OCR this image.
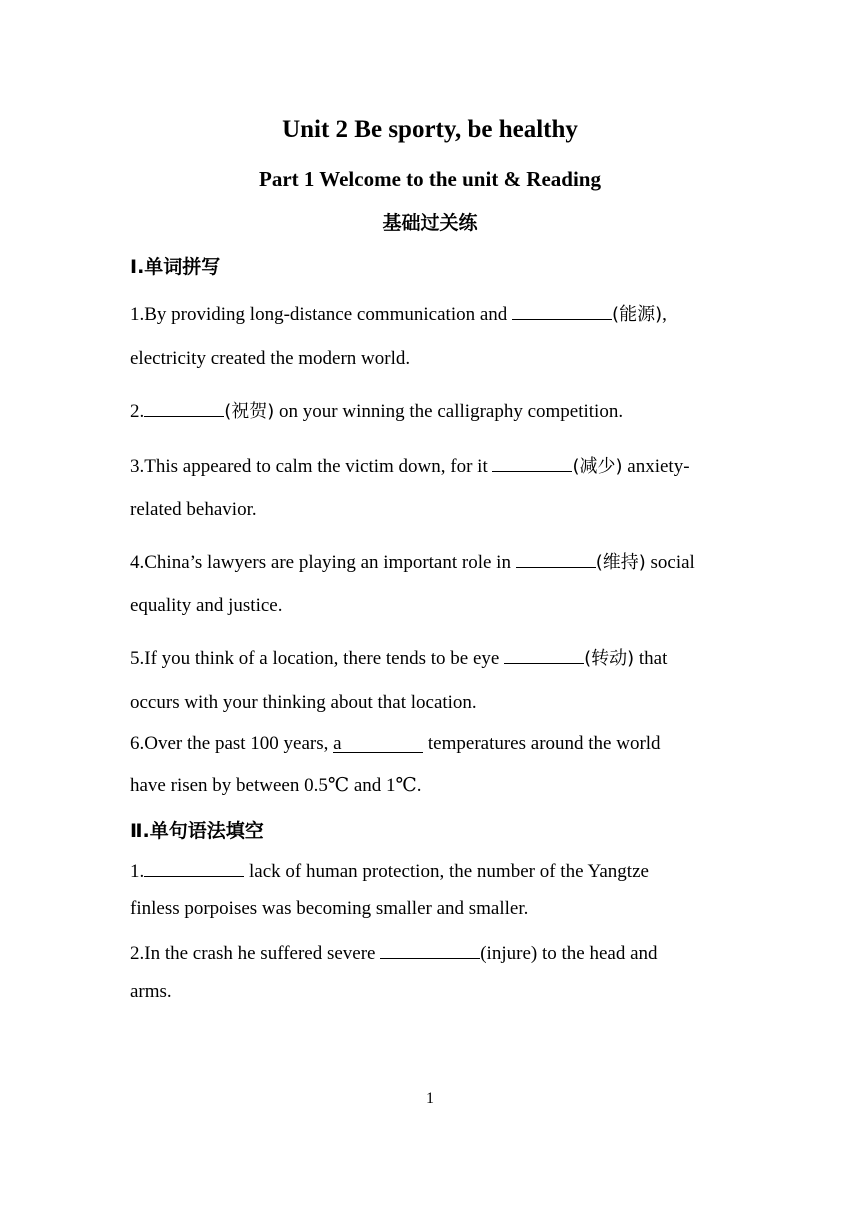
Unit 2 Be sporty, be healthy
Part 1 Welcome to the unit & Reading
基础过关练
Ⅰ.单词拼写
1.By providing long-distance communication and	(能源),
electricity created the modern world.
2.	(祝贺) on your winning the calligraphy competition.
3.This appeared to calm the victim down, for it	(减少) anxiety-
related behavior.
4.China’s lawyers are playing an important role in	(维持) social
equality and justice.
5.If you think of a location, there tends to be eye	(转动) that
occurs with your thinking about that location.
6.Over the past 100 years, a	temperatures around the world
have risen by between 0.5℃ and 1℃.
Ⅱ.单句语法填空
1.	lack of human protection, the number of the Yangtze
finless porpoises was becoming smaller and smaller.
2.In the crash he suffered severe	(injure) to the head and
arms.
1
